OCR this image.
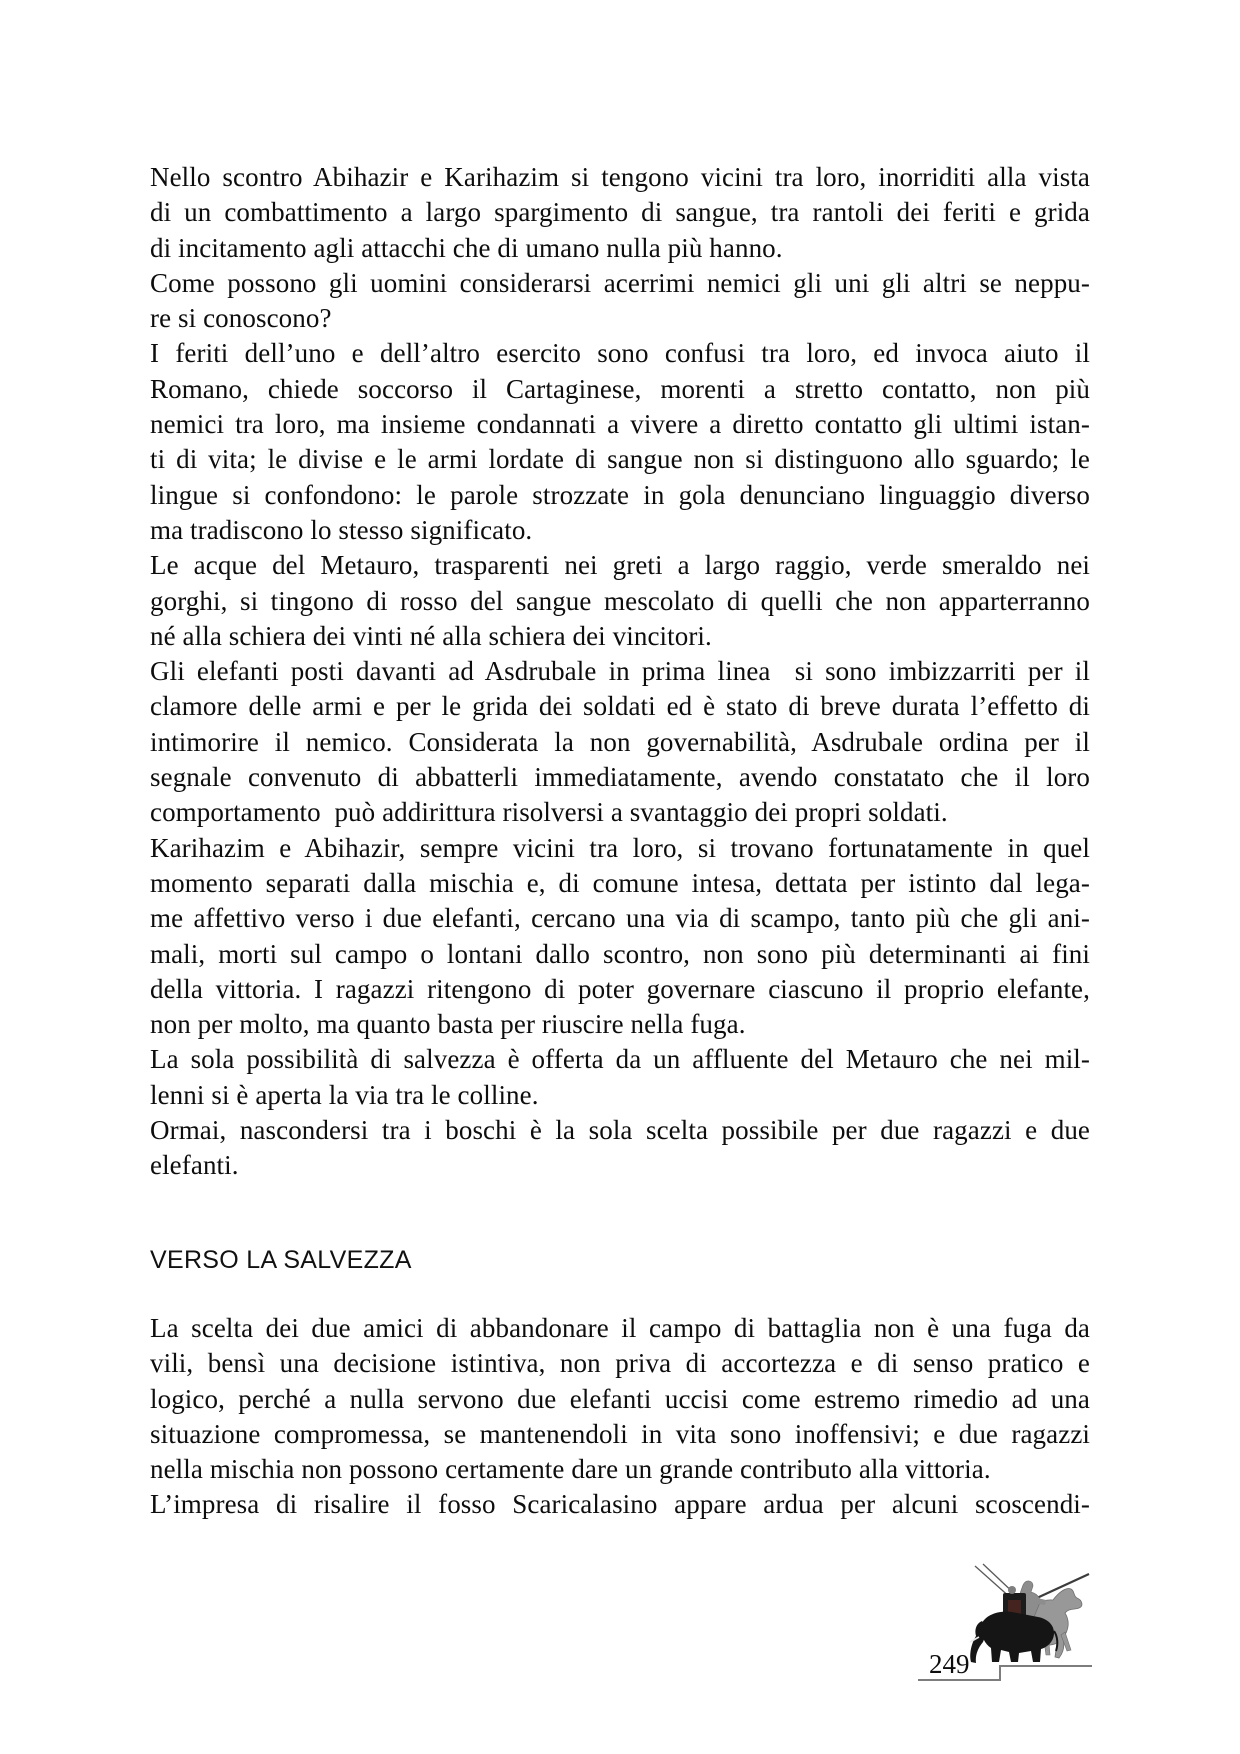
Nello scontro Abihazir e Karihazim si tengono vicini tra loro, inorriditi alla vista
di un combattimento a largo spargimento di sangue, tra rantoli dei feriti e grida
di incitamento agli attacchi che di umano nulla più hanno.
Come possono gli uomini considerarsi acerrimi nemici gli uni gli altri se neppu-
re si conoscono?
I feriti dell’uno e dell’altro esercito sono confusi tra loro, ed invoca aiuto il
Romano, chiede soccorso il Cartaginese, morenti a stretto contatto, non più
nemici tra loro, ma insieme condannati a vivere a diretto contatto gli ultimi istan-
ti di vita; le divise e le armi lordate di sangue non si distinguono allo sguardo; le
lingue si confondono: le parole strozzate in gola denunciano linguaggio diverso
ma tradiscono lo stesso significato.
Le acque del Metauro, trasparenti nei greti a largo raggio, verde smeraldo nei
gorghi, si tingono di rosso del sangue mescolato di quelli che non apparterranno
né alla schiera dei vinti né alla schiera dei vincitori.
Gli elefanti posti davanti ad Asdrubale in prima linea  si sono imbizzarriti per il
clamore delle armi e per le grida dei soldati ed è stato di breve durata l’effetto di
intimorire il nemico. Considerata la non governabilità, Asdrubale ordina per il
segnale convenuto di abbatterli immediatamente, avendo constatato che il loro
comportamento  può addirittura risolversi a svantaggio dei propri soldati.
Karihazim e Abihazir, sempre vicini tra loro, si trovano fortunatamente in quel
momento separati dalla mischia e, di comune intesa, dettata per istinto dal lega-
me affettivo verso i due elefanti, cercano una via di scampo, tanto più che gli ani-
mali, morti sul campo o lontani dallo scontro, non sono più determinanti ai fini
della vittoria. I ragazzi ritengono di poter governare ciascuno il proprio elefante,
non per molto, ma quanto basta per riuscire nella fuga.
La sola possibilità di salvezza è offerta da un affluente del Metauro che nei mil-
lenni si è aperta la via tra le colline.
Ormai, nascondersi tra i boschi è la sola scelta possibile per due ragazzi e due
elefanti.
VERSO LA SALVEZZA
La scelta dei due amici di abbandonare il campo di battaglia non è una fuga da
vili, bensì una decisione istintiva, non priva di accortezza e di senso pratico e
logico, perché a nulla servono due elefanti uccisi come estremo rimedio ad una
situazione compromessa, se mantenendoli in vita sono inoffensivi; e due ragazzi
nella mischia non possono certamente dare un grande contributo alla vittoria.
L’impresa di risalire il fosso Scaricalasino appare ardua per alcuni scoscendi-
249
